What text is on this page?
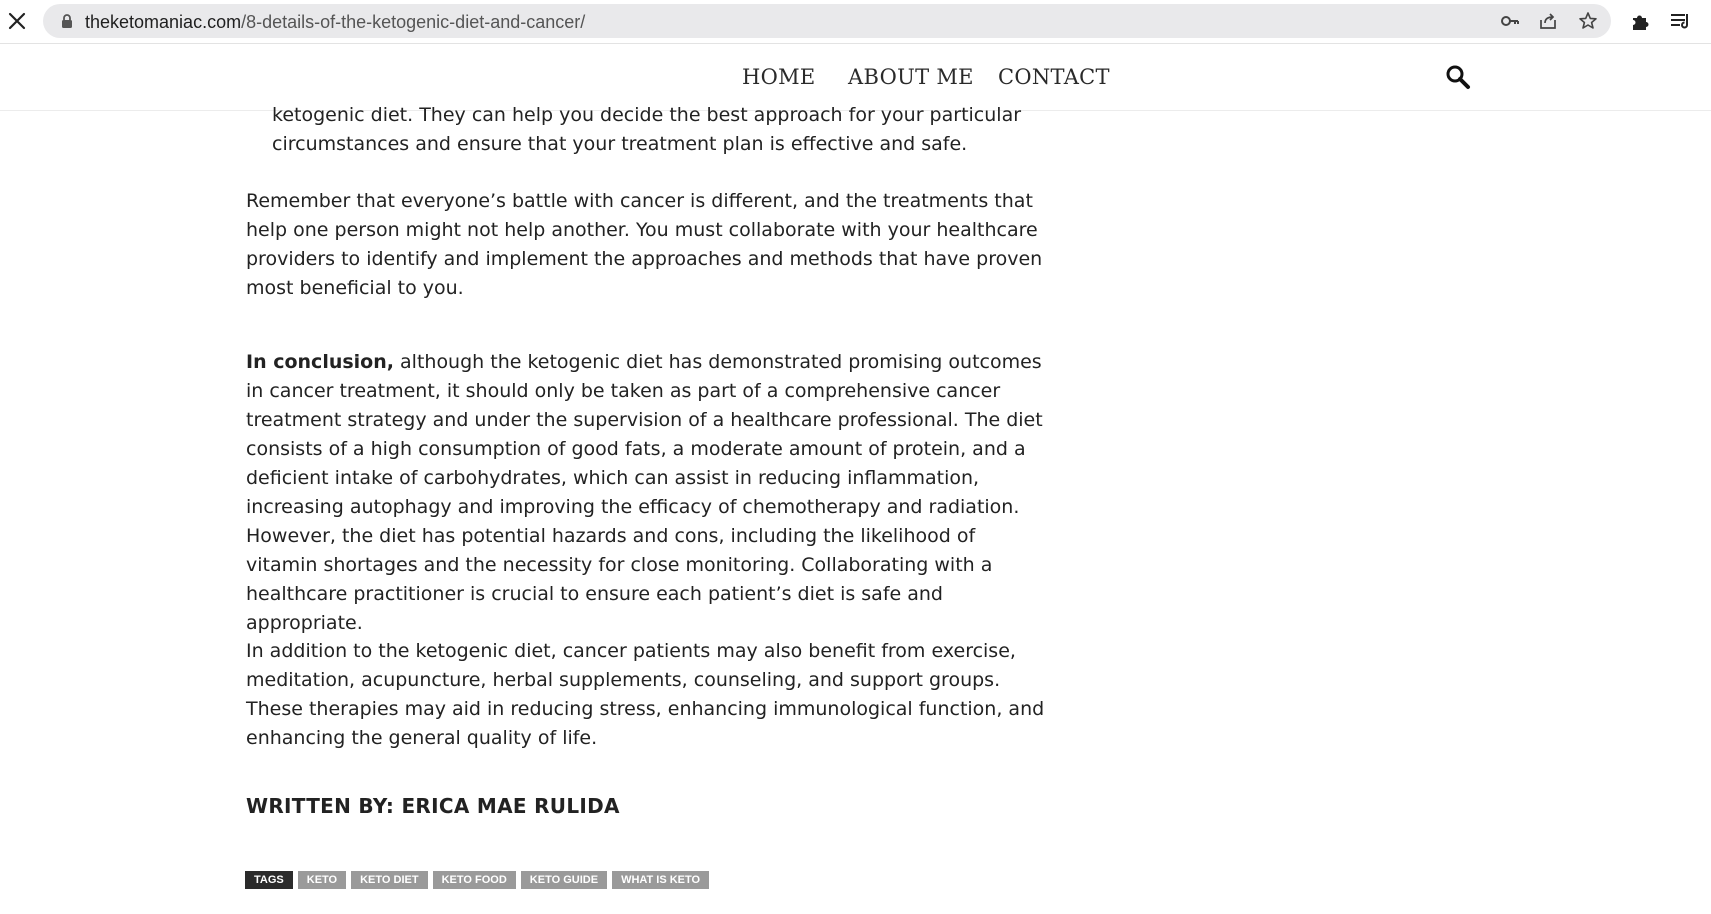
theketomaniac.com/8-details-of-the-ketogenic-diet-and-cancer/
HOME ABOUT ME CONTACT
ketogenic diet. They can help you decide the best approach for your particular circumstances and ensure that your treatment plan is effective and safe.
Remember that everyone’s battle with cancer is different, and the treatments that help one person might not help another. You must collaborate with your healthcare providers to identify and implement the approaches and methods that have proven most beneficial to you.
In conclusion, although the ketogenic diet has demonstrated promising outcomes in cancer treatment, it should only be taken as part of a comprehensive cancer treatment strategy and under the supervision of a healthcare professional. The diet consists of a high consumption of good fats, a moderate amount of protein, and a deficient intake of carbohydrates, which can assist in reducing inflammation, increasing autophagy and improving the efficacy of chemotherapy and radiation. However, the diet has potential hazards and cons, including the likelihood of vitamin shortages and the necessity for close monitoring. Collaborating with a healthcare practitioner is crucial to ensure each patient’s diet is safe and appropriate.
In addition to the ketogenic diet, cancer patients may also benefit from exercise, meditation, acupuncture, herbal supplements, counseling, and support groups. These therapies may aid in reducing stress, enhancing immunological function, and enhancing the general quality of life.
WRITTEN BY: ERICA MAE RULIDA
TAGS	KETO	KETO DIET	KETO FOOD	KETO GUIDE	WHAT IS KETO
